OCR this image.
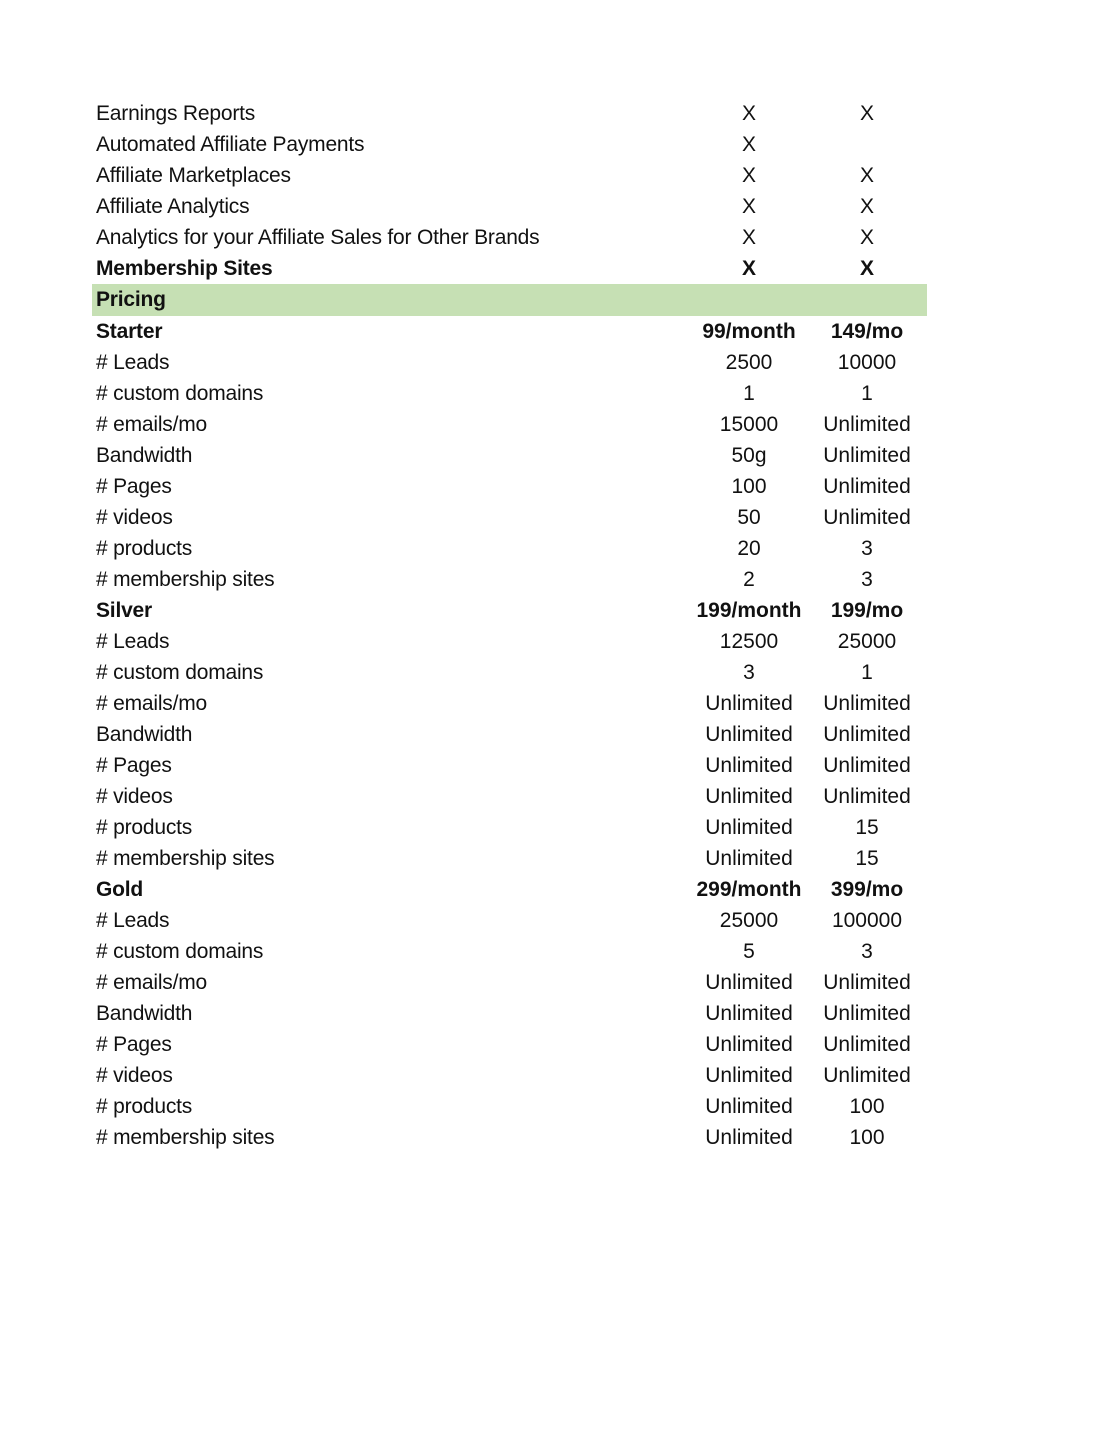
Earnings Reports	X	X
Automated Affiliate Payments	X
Affiliate Marketplaces	X	X
Affiliate Analytics	X	X
Analytics for your Affiliate Sales for Other Brands	X	X
Membership Sites	X	X
Pricing
Starter	99/month	149/mo
# Leads	2500	10000
# custom domains	1	1
# emails/mo	15000	Unlimited
Bandwidth	50g	Unlimited
# Pages	100	Unlimited
# videos	50	Unlimited
# products	20	3
# membership sites	2	3
Silver	199/month	199/mo
# Leads	12500	25000
# custom domains	3	1
# emails/mo	Unlimited	Unlimited
Bandwidth	Unlimited	Unlimited
# Pages	Unlimited	Unlimited
# videos	Unlimited	Unlimited
# products	Unlimited	15
# membership sites	Unlimited	15
Gold	299/month	399/mo
# Leads	25000	100000
# custom domains	5	3
# emails/mo	Unlimited	Unlimited
Bandwidth	Unlimited	Unlimited
# Pages	Unlimited	Unlimited
# videos	Unlimited	Unlimited
# products	Unlimited	100
# membership sites	Unlimited	100
